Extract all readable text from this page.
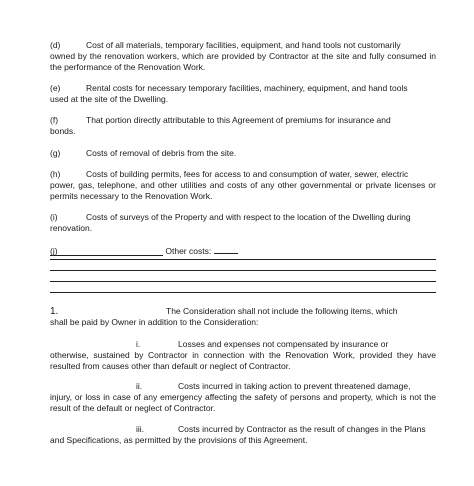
(d)	Cost of all materials, temporary facilities, equipment, and hand tools not customarily
owned by the renovation workers, which are provided by Contractor at the site and fully consumed in the performance of the Renovation Work.
(e)	Rental costs for necessary temporary facilities, machinery, equipment, and hand tools
used at the site of the Dwelling.
(f)	That portion directly attributable to this Agreement of premiums for insurance and
bonds.
(g)	Costs of removal of debris from the site.
(h)	Costs of building permits, fees for access to and consumption of water, sewer, electric
power, gas, telephone, and other utilities and costs of any other governmental or private licenses or permits necessary to the Renovation Work.
(i)	Costs of surveys of the Property and with respect to the location of the Dwelling during
renovation.
(j)	Other costs:
1.	The Consideration shall not include the following items, which
shall be paid by Owner in addition to the Consideration:
i.	Losses and expenses not compensated by insurance or
otherwise, sustained by Contractor in connection with the Renovation Work, provided they have resulted from causes other than default or neglect of Contractor.
ii.	Costs incurred in taking action to prevent threatened damage,
injury, or loss in case of any emergency affecting the safety of persons and property, which is not the result of the default or neglect of Contractor.
iii.	Costs incurred by Contractor as the result of changes in the Plans
and Specifications, as permitted by the provisions of this Agreement.
